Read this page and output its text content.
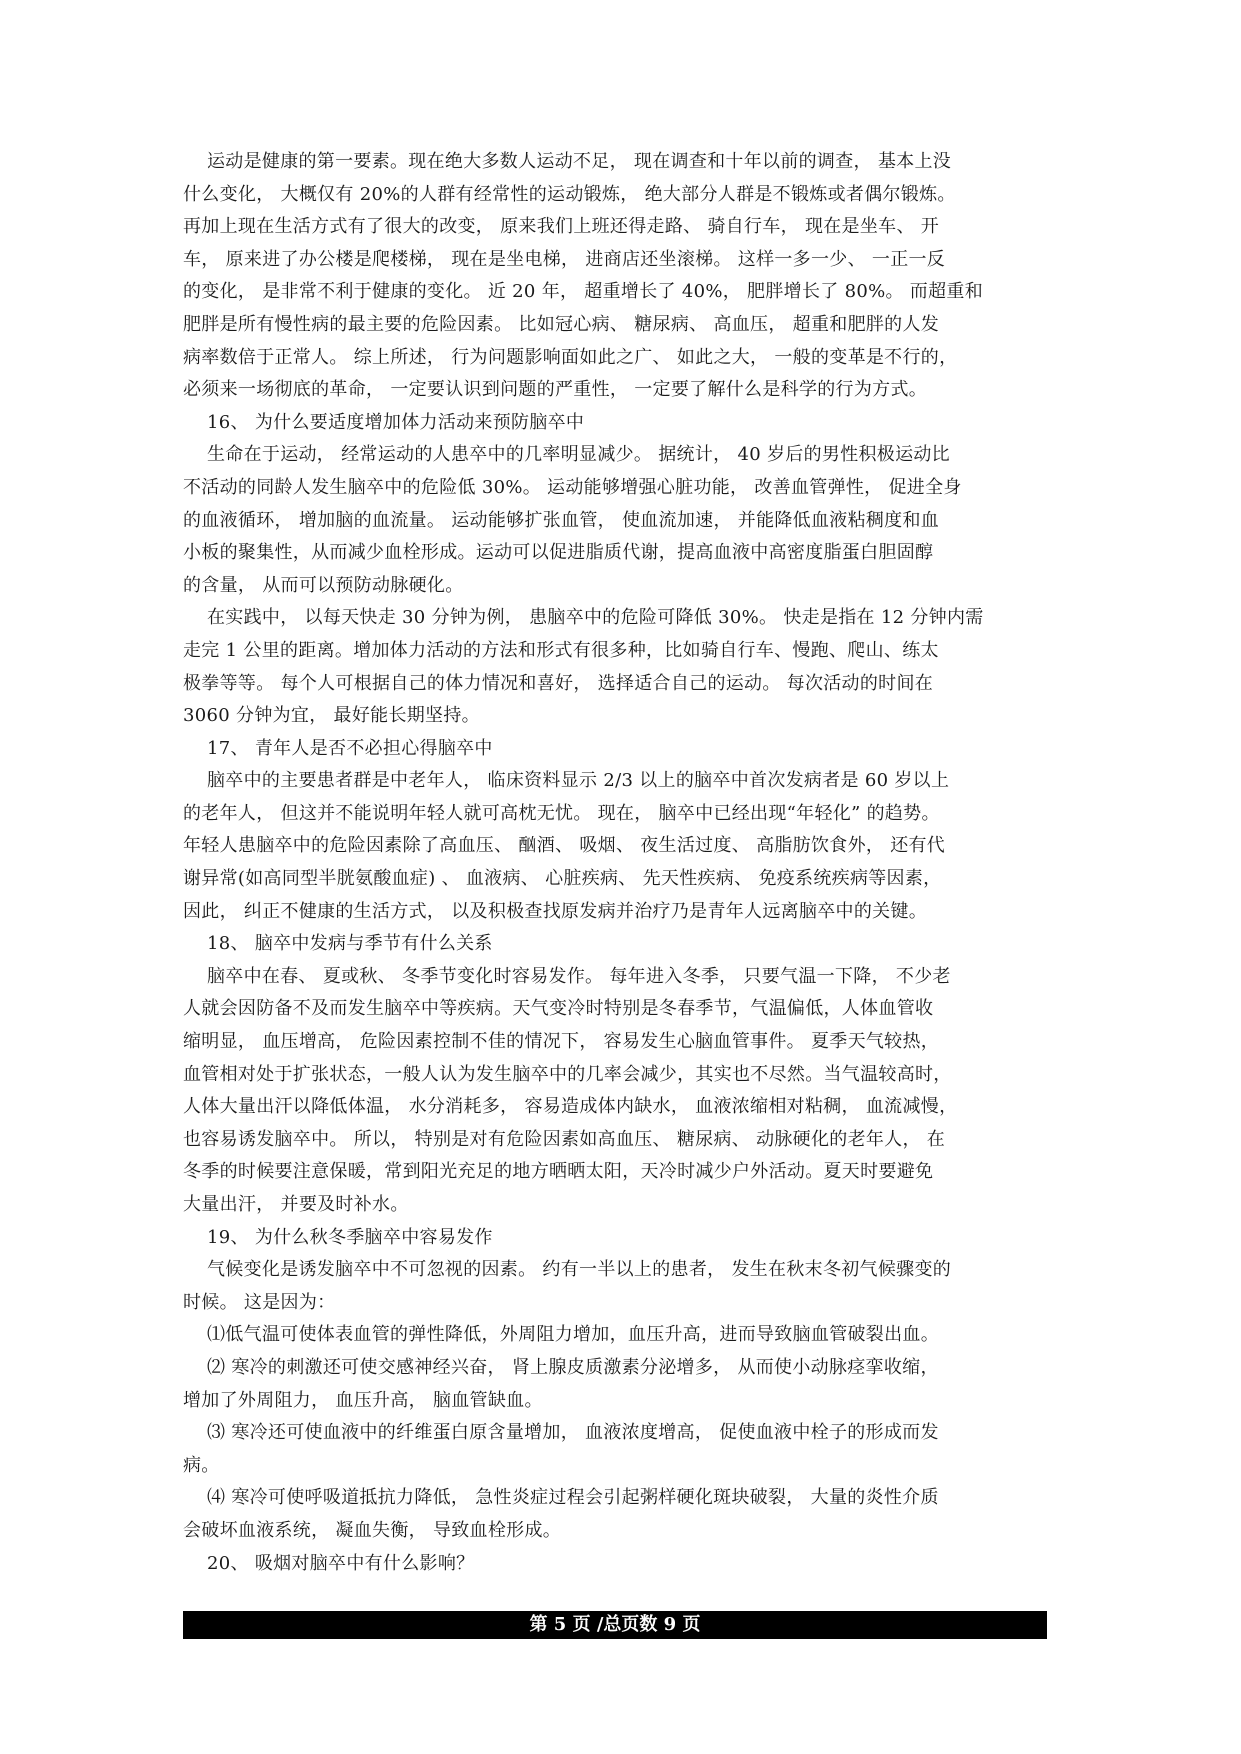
运动是健康的第一要素。现在绝大多数人运动不足， 现在调查和十年以前的调查， 基本上没
什么变化， 大概仅有 20%的人群有经常性的运动锻炼， 绝大部分人群是不锻炼或者偶尔锻炼。
再加上现在生活方式有了很大的改变， 原来我们上班还得走路、 骑自行车， 现在是坐车、 开
车， 原来进了办公楼是爬楼梯， 现在是坐电梯， 进商店还坐滚梯。 这样一多一少、 一正一反
的变化， 是非常不利于健康的变化。 近 20 年， 超重增长了 40%， 肥胖增长了 80%。 而超重和
肥胖是所有慢性病的最主要的危险因素。 比如冠心病、 糖尿病、 高血压， 超重和肥胖的人发
病率数倍于正常人。 综上所述， 行为问题影响面如此之广、 如此之大， 一般的变革是不行的，
必须来一场彻底的革命， 一定要认识到问题的严重性， 一定要了解什么是科学的行为方式。
16、 为什么要适度增加体力活动来预防脑卒中
生命在于运动， 经常运动的人患卒中的几率明显减少。 据统计， 40 岁后的男性积极运动比
不活动的同龄人发生脑卒中的危险低 30%。 运动能够增强心脏功能， 改善血管弹性， 促进全身
的血液循环， 增加脑的血流量。 运动能够扩张血管， 使血流加速， 并能降低血液粘稠度和血
小板的聚集性，从而减少血栓形成。运动可以促进脂质代谢，提高血液中高密度脂蛋白胆固醇
的含量， 从而可以预防动脉硬化。
在实践中， 以每天快走 30 分钟为例， 患脑卒中的危险可降低 30%。 快走是指在 12 分钟内需
走完 1 公里的距离。增加体力活动的方法和形式有很多种，比如骑自行车、慢跑、爬山、练太
极拳等等。 每个人可根据自己的体力情况和喜好， 选择适合自己的运动。 每次活动的时间在
3060 分钟为宜， 最好能长期坚持。
17、 青年人是否不必担心得脑卒中
脑卒中的主要患者群是中老年人， 临床资料显示 2/3 以上的脑卒中首次发病者是 60 岁以上
的老年人， 但这并不能说明年轻人就可高枕无忧。 现在， 脑卒中已经出现“年轻化” 的趋势。
年轻人患脑卒中的危险因素除了高血压、 酗酒、 吸烟、 夜生活过度、 高脂肪饮食外， 还有代
谢异常(如高同型半胱氨酸血症) 、 血液病、 心脏疾病、 先天性疾病、 免疫系统疾病等因素，
因此， 纠正不健康的生活方式， 以及积极查找原发病并治疗乃是青年人远离脑卒中的关键。
18、 脑卒中发病与季节有什么关系
脑卒中在春、 夏或秋、 冬季节变化时容易发作。 每年进入冬季， 只要气温一下降， 不少老
人就会因防备不及而发生脑卒中等疾病。天气变冷时特别是冬春季节，气温偏低，人体血管收
缩明显， 血压增高， 危险因素控制不佳的情况下， 容易发生心脑血管事件。 夏季天气较热，
血管相对处于扩张状态，一般人认为发生脑卒中的几率会减少，其实也不尽然。当气温较高时，
人体大量出汗以降低体温， 水分消耗多， 容易造成体内缺水， 血液浓缩相对粘稠， 血流减慢，
也容易诱发脑卒中。 所以， 特别是对有危险因素如高血压、 糖尿病、 动脉硬化的老年人， 在
冬季的时候要注意保暖，常到阳光充足的地方晒晒太阳，天冷时减少户外活动。夏天时要避免
大量出汗， 并要及时补水。
19、 为什么秋冬季脑卒中容易发作
气候变化是诱发脑卒中不可忽视的因素。 约有一半以上的患者， 发生在秋末冬初气候骤变的
时候。 这是因为：
⑴低气温可使体表血管的弹性降低，外周阻力增加，血压升高，进而导致脑血管破裂出血。
⑵ 寒冷的刺激还可使交感神经兴奋， 肾上腺皮质激素分泌增多， 从而使小动脉痉挛收缩，
增加了外周阻力， 血压升高， 脑血管缺血。
⑶ 寒冷还可使血液中的纤维蛋白原含量增加， 血液浓度增高， 促使血液中栓子的形成而发
病。
⑷ 寒冷可使呼吸道抵抗力降低， 急性炎症过程会引起粥样硬化斑块破裂， 大量的炎性介质
会破坏血液系统， 凝血失衡， 导致血栓形成。
20、 吸烟对脑卒中有什么影响？
第 5 页 /总页数 9 页
